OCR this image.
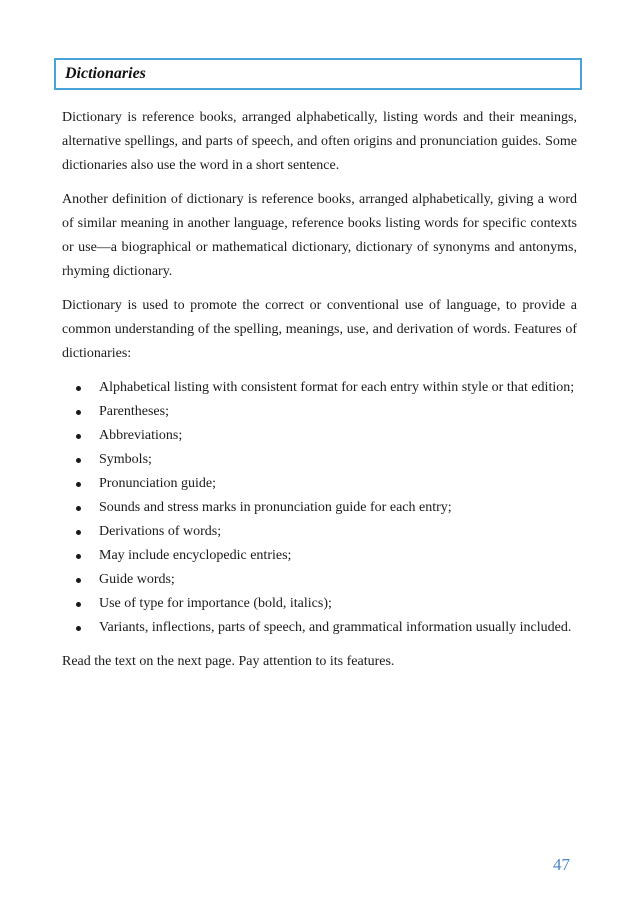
Dictionaries

Dictionary is reference books, arranged alphabetically, listing words and their meanings, alternative spellings, and parts of speech, and often origins and pronunciation guides. Some dictionaries also use the word in a short sentence.

Another definition of dictionary is reference books, arranged alphabetically, giving a word of similar meaning in another language, reference books listing words for specific contexts or use—a biographical or mathematical dictionary, dictionary of synonyms and antonyms, rhyming dictionary.

Dictionary is used to promote the correct or conventional use of language, to provide a common understanding of the spelling, meanings, use, and derivation of words. Features of dictionaries:

Alphabetical listing with consistent format for each entry within style or that edition;
Parentheses;
Abbreviations;
Symbols;
Pronunciation guide;
Sounds and stress marks in pronunciation guide for each entry;
Derivations of words;
May include encyclopedic entries;
Guide words;
Use of type for importance (bold, italics);
Variants, inflections, parts of speech, and grammatical information usually included.

Read the text on the next page. Pay attention to its features.

47
